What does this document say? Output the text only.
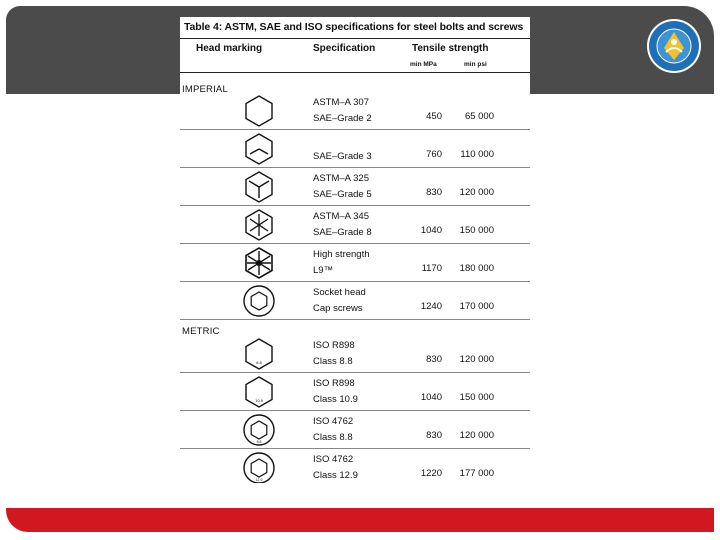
Table 4: ASTM, SAE and ISO specifications for steel bolts and screws
Head marking	Specification	Tensile strength
min MPa	min psi
IMPERIAL
ASTM–A 307
SAE–Grade 2	450	65 000

SAE–Grade 3	760	110 000
ASTM–A 325
SAE–Grade 5	830	120 000
ASTM–A 345
SAE–Grade 8	1040	150 000
High strength
L9™	1170	180 000
Socket head
Cap screws	1240	170 000
METRIC
8.8
ISO R898
Class 8.8	830	120 000
10.9
ISO R898
Class 10.9	1040	150 000
8.8
ISO 4762
Class 8.8	830	120 000
12.9
ISO 4762
Class 12.9	1220	177 000
